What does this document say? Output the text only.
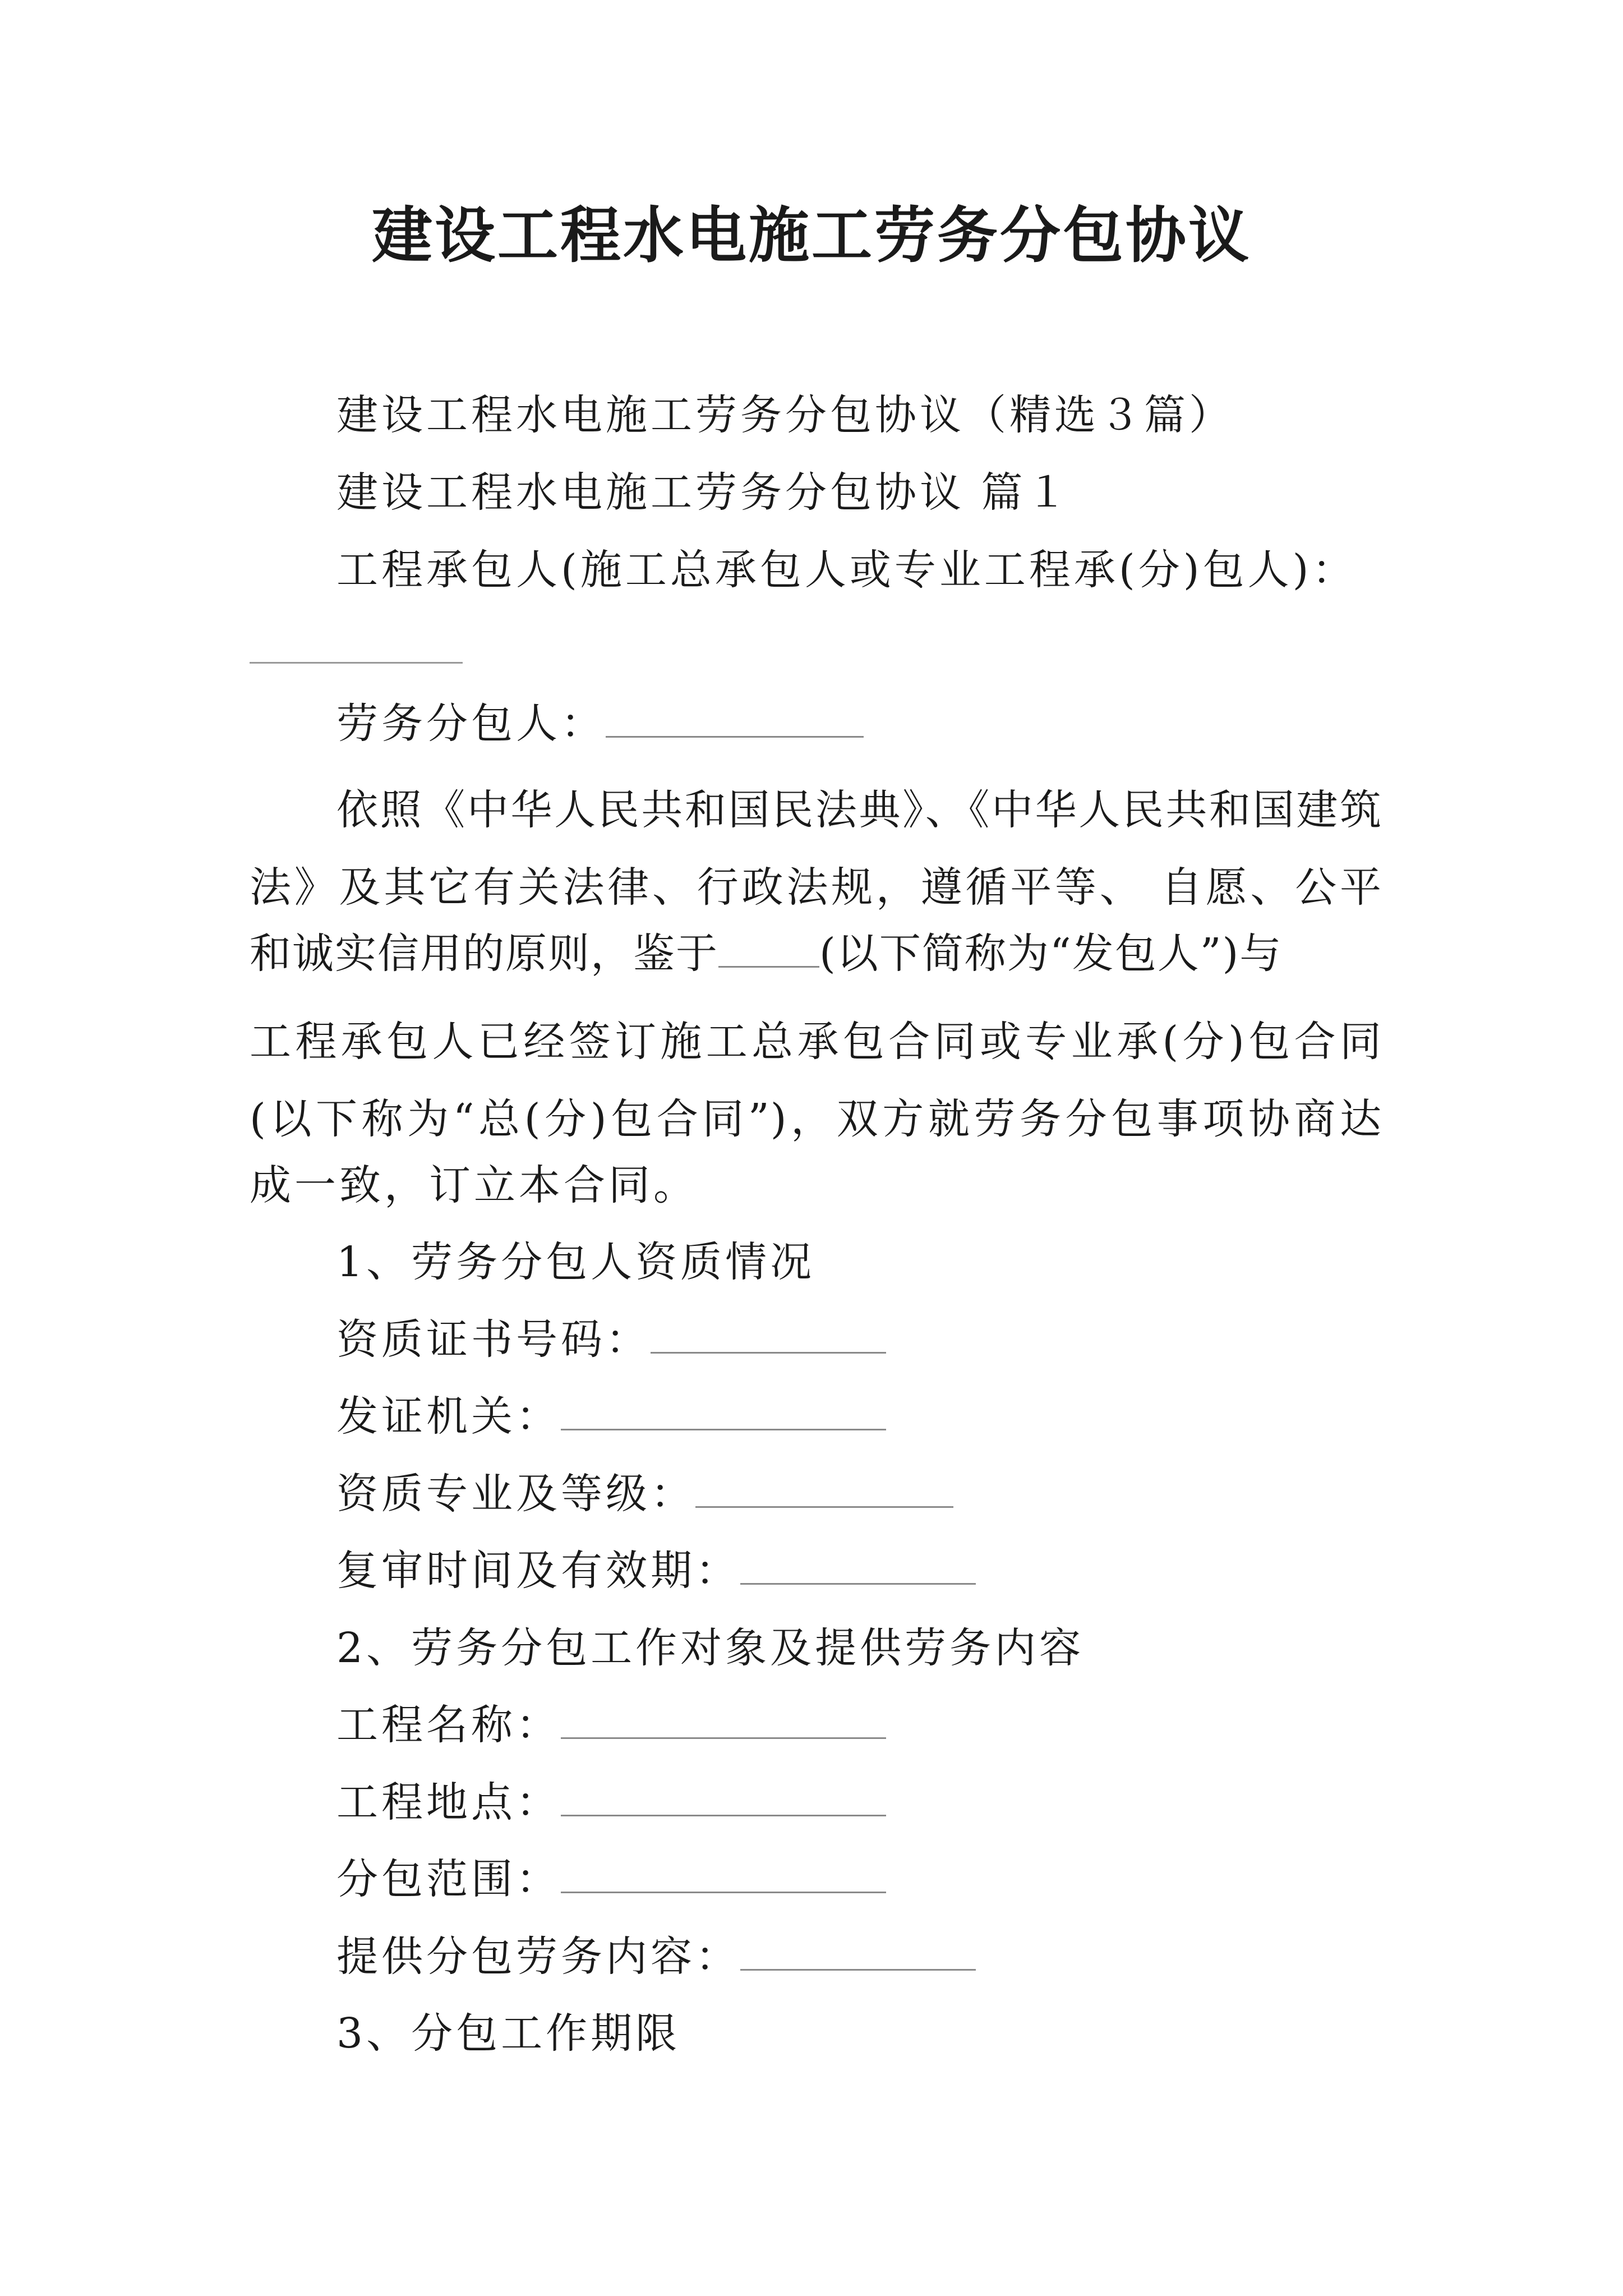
建设工程水电施工劳务分包协议
建设工程水电施工劳务分包协议（精选３篇）
建设工程水电施工劳务分包协议 篇１
工程承包人(施工总承包人或专业工程承(分)包人)：
劳务分包人：
依照《中华人民共和国民法典》、《中华人民共和国建筑
法》及其它有关法律、行政法规，遵循平等、 自愿、公平
和诚实信用的原则，鉴于 (以下简称为“发包人”)与
工程承包人已经签订施工总承包合同或专业承(分)包合同
(以下称为“总(分)包合同”)，双方就劳务分包事项协商达
成一致，订立本合同。
1、劳务分包人资质情况
资质证书号码：
发证机关：
资质专业及等级：
复审时间及有效期：
2、劳务分包工作对象及提供劳务内容
工程名称：
工程地点：
分包范围：
提供分包劳务内容：
3、分包工作期限
